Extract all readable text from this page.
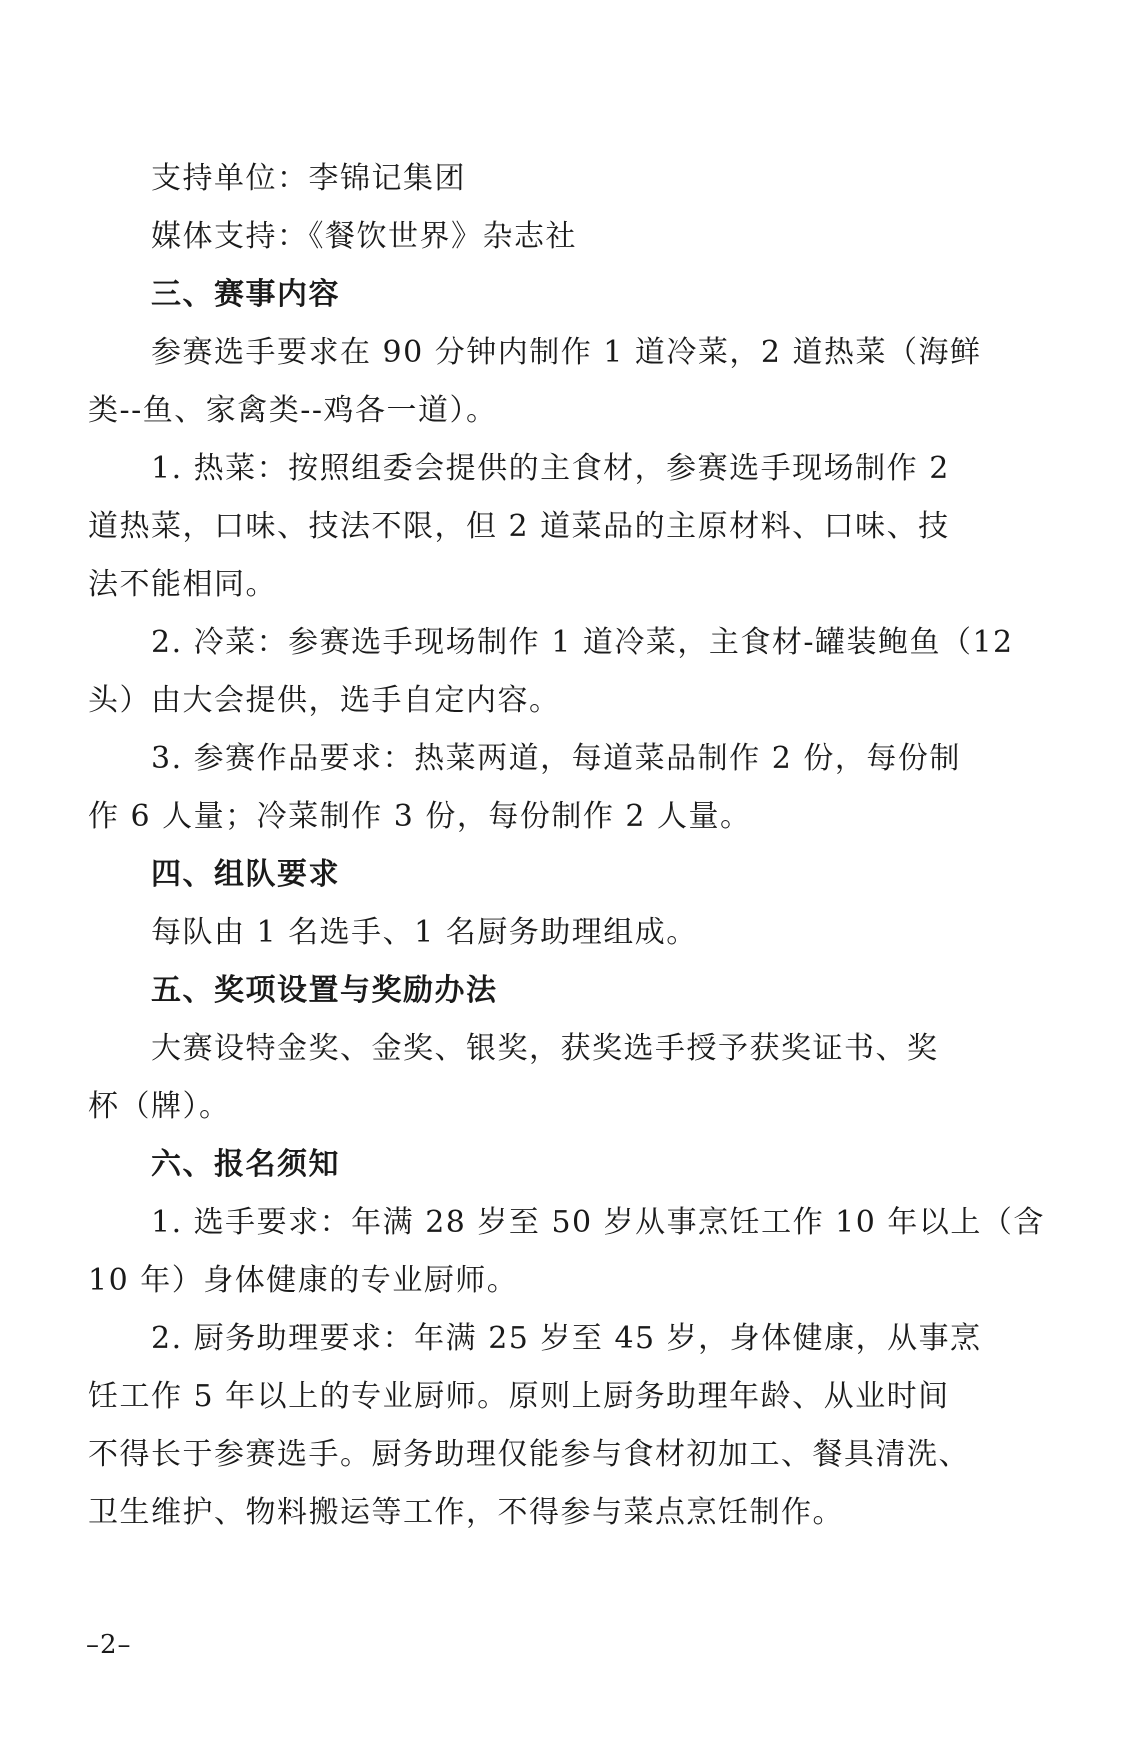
支持单位：李锦记集团
媒体支持：《餐饮世界》杂志社
三、赛事内容
参赛选手要求在 90 分钟内制作 1 道冷菜，2 道热菜（海鲜
类--鱼、家禽类--鸡各一道）。
1. 热菜：按照组委会提供的主食材，参赛选手现场制作 2
道热菜，口味、技法不限，但 2 道菜品的主原材料、口味、技
法不能相同。
2. 冷菜：参赛选手现场制作 1 道冷菜，主食材-罐装鲍鱼（12
头）由大会提供，选手自定内容。
3. 参赛作品要求：热菜两道，每道菜品制作 2 份，每份制
作 6 人量；冷菜制作 3 份，每份制作 2 人量。
四、组队要求
每队由 1 名选手、1 名厨务助理组成。
五、奖项设置与奖励办法
大赛设特金奖、金奖、银奖，获奖选手授予获奖证书、奖
杯（牌）。
六、报名须知
1. 选手要求：年满 28 岁至 50 岁从事烹饪工作 10 年以上（含
10 年）身体健康的专业厨师。
2. 厨务助理要求：年满 25 岁至 45 岁，身体健康，从事烹
饪工作 5 年以上的专业厨师。原则上厨务助理年龄、从业时间
不得长于参赛选手。厨务助理仅能参与食材初加工、餐具清洗、
卫生维护、物料搬运等工作，不得参与菜点烹饪制作。
–2–
